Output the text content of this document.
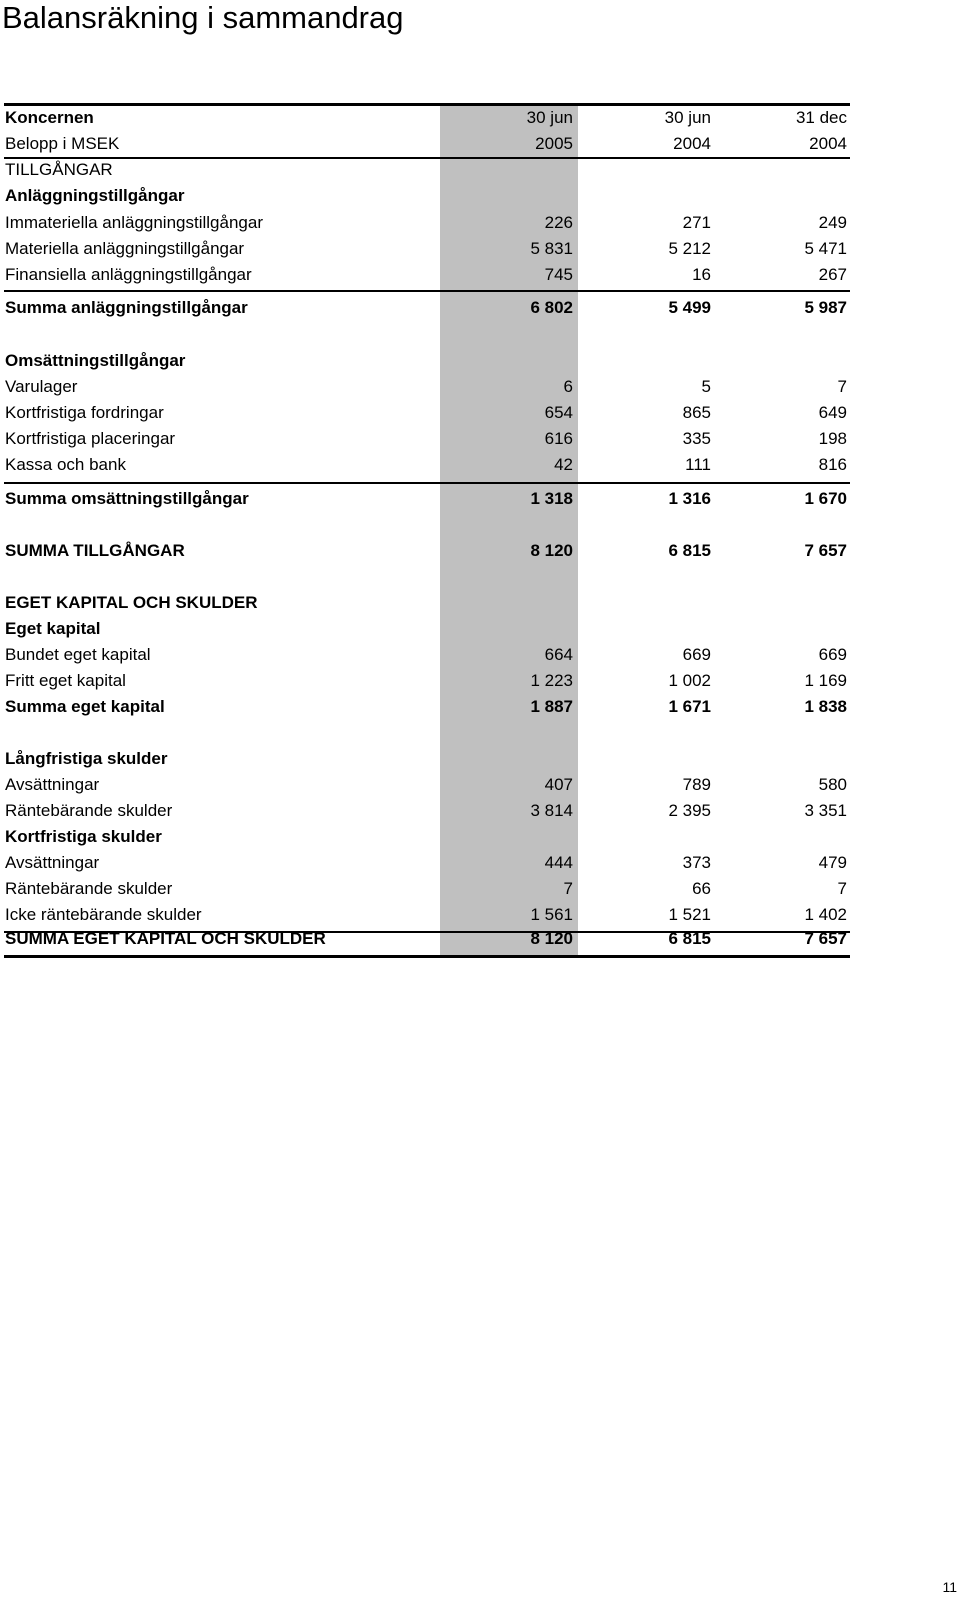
Balansräkning i sammandrag
Koncernen	30 jun	30 jun	31 dec
Belopp i MSEK	2005	2004	2004
TILLGÅNGAR
Anläggningstillgångar
Immateriella anläggningstillgångar	226	271	249
Materiella anläggningstillgångar	5 831	5 212	5 471
Finansiella anläggningstillgångar	745	16	267
Summa anläggningstillgångar	6 802	5 499	5 987
Omsättningstillgångar
Varulager	6	5	7
Kortfristiga fordringar	654	865	649
Kortfristiga placeringar	616	335	198
Kassa och bank	42	111	816
Summa omsättningstillgångar	1 318	1 316	1 670
SUMMA TILLGÅNGAR	8 120	6 815	7 657
EGET KAPITAL OCH SKULDER
Eget kapital
Bundet eget kapital	664	669	669
Fritt eget kapital	1 223	1 002	1 169
Summa eget kapital	1 887	1 671	1 838
Långfristiga skulder
Avsättningar	407	789	580
Räntebärande skulder	3 814	2 395	3 351
Kortfristiga skulder
Avsättningar	444	373	479
Räntebärande skulder	7	66	7
Icke räntebärande skulder	1 561	1 521	1 402
SUMMA EGET KAPITAL OCH SKULDER	8 120	6 815	7 657
11
